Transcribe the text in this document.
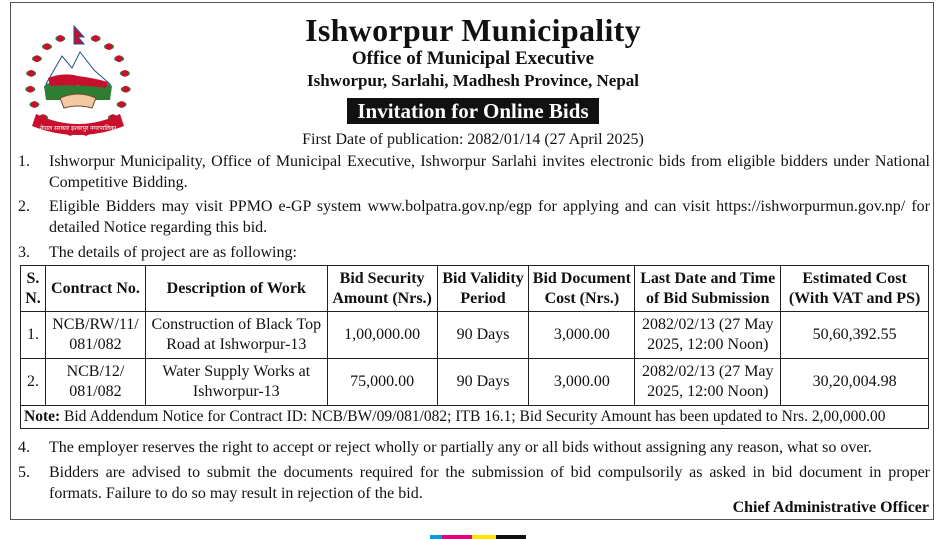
नेपाल सरकार इश्वरपुर नगरपालिका
Ishworpur Municipality
Office of Municipal Executive
Ishworpur, Sarlahi, Madhesh Province, Nepal
Invitation for Online Bids
First Date of publication: 2082/01/14 (27 April 2025)
1.	Ishworpur Municipality, Office of Municipal Executive, Ishworpur Sarlahi invites electronic bids from eligible bidders under National Competitive Bidding.
2.	Eligible Bidders may visit PPMO e-GP system www.bolpatra.gov.np/egp for applying and can visit https://ishworpurmun.gov.np/ for detailed Notice regarding this bid.
3.	The details of project are as following:
S. N.	Contract No.	Description of Work	Bid Security Amount (Nrs.)	Bid Validity Period	Bid Document Cost (Nrs.)	Last Date and Time of Bid Submission	Estimated Cost (With VAT and PS)
1.	NCB/RW/11/ 081/082	Construction of Black Top Road at Ishworpur-13	1,00,000.00	90 Days	3,000.00	2082/02/13 (27 May 2025, 12:00 Noon)	50,60,392.55
2.	NCB/12/ 081/082	Water Supply Works at Ishworpur-13	75,000.00	90 Days	3,000.00	2082/02/13 (27 May 2025, 12:00 Noon)	30,20,004.98
Note: Bid Addendum Notice for Contract ID: NCB/BW/09/081/082; ITB 16.1; Bid Security Amount has been updated to Nrs. 2,00,000.00							
4.	The employer reserves the right to accept or reject wholly or partially any or all bids without assigning any reason, what so over.
5.	Bidders are advised to submit the documents required for the submission of bid compulsorily as asked in bid document in proper formats. Failure to do so may result in rejection of the bid.
Chief Administrative Officer
